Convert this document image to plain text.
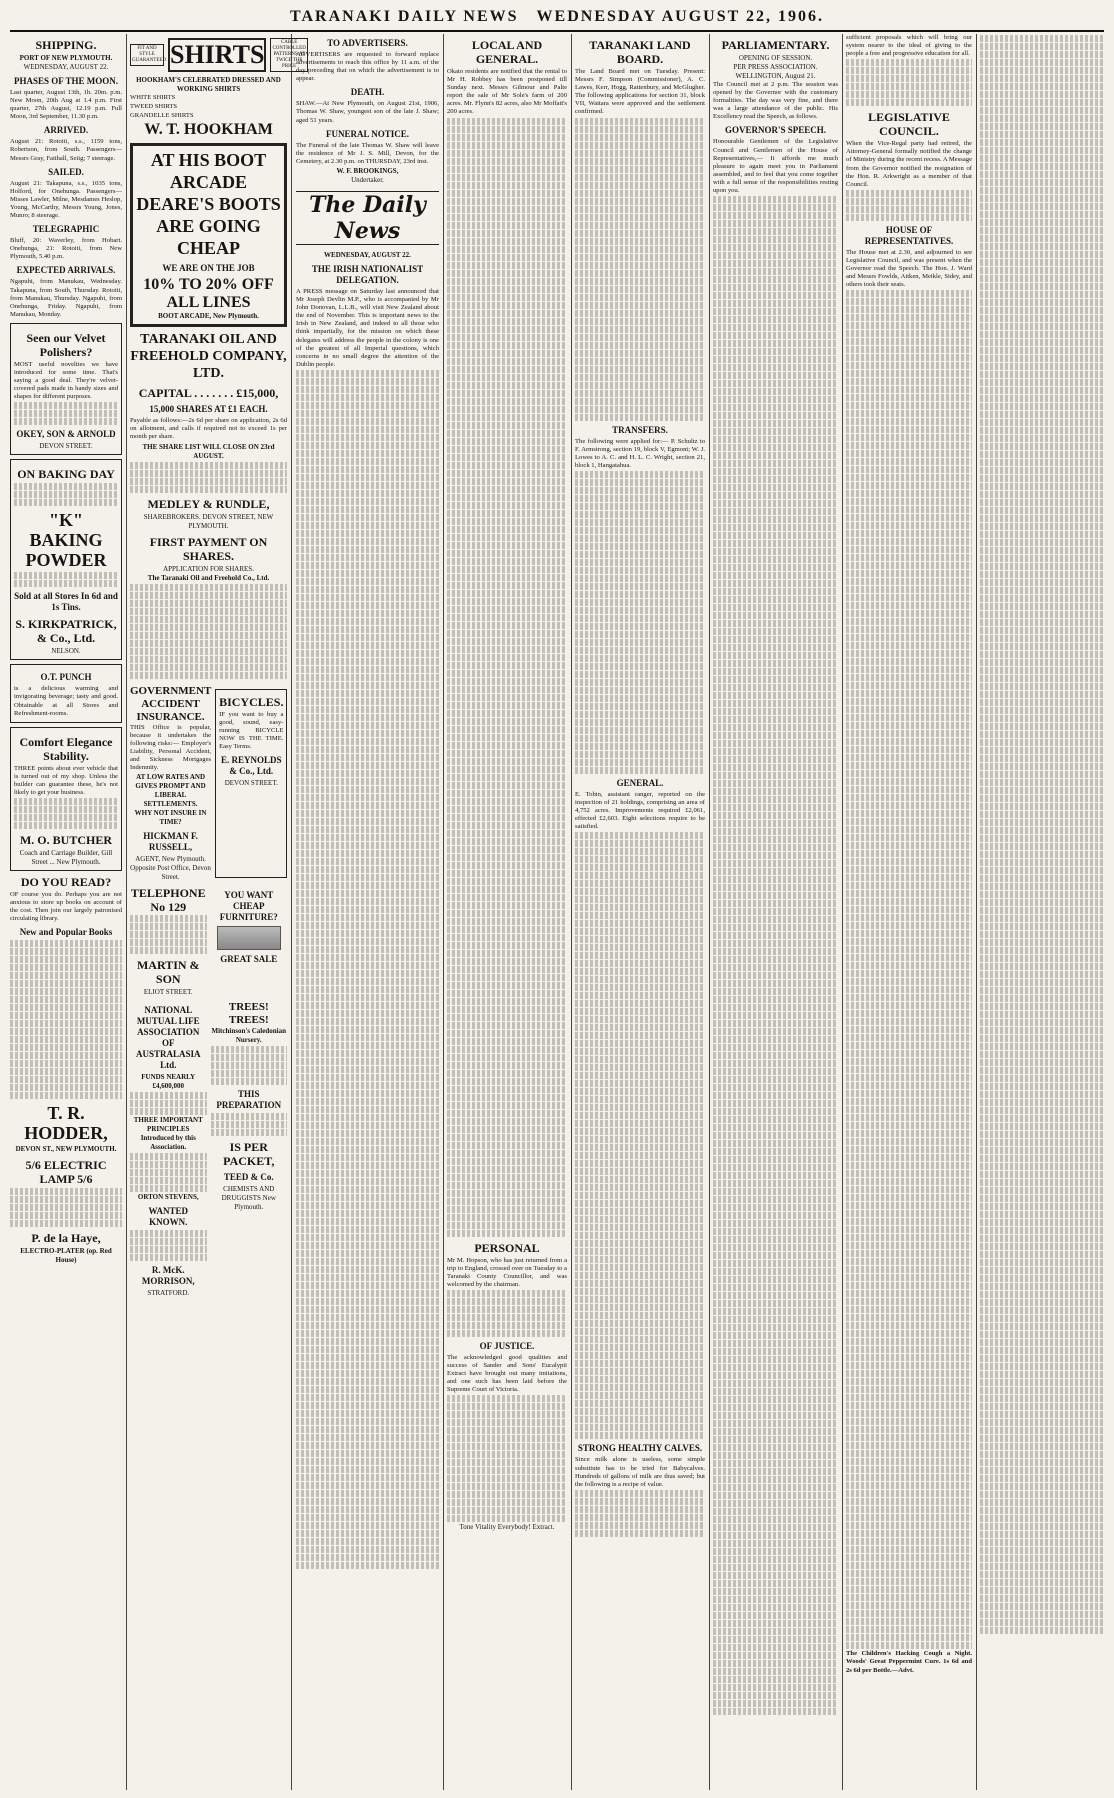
TARANAKI DAILY NEWS WEDNESDAY AUGUST 22, 1906.
SHIPPING.
PORT OF NEW PLYMOUTH.
WEDNESDAY, AUGUST 22.
PHASES OF THE MOON.
Last quarter, August 13th, 1h. 20m. p.m. New Moon, 20th Aug at 1.4 p.m. First quarter, 27th August, 12.19 p.m. Full Moon, 3rd September, 11.30 p.m.
ARRIVED.
August 21: Rotoiti, s.s., 1159 tons, Robertson, from South. Passengers—Messrs Gray, Faithall, Seiig; 7 steerage.
SAILED.
August 21: Takapuna, s.s., 1035 tons, Holford, for Onehunga. Passengers—Misses Lawler, Milne, Mesdames Heslop, Young, McCarthy, Messrs Young, Jones, Munro; 8 steerage.
TELEGRAPHIC
Bluff, 20: Waverley, from Hobart. Onehunga, 21: Rotoiti, from New Plymouth, 5.40 p.m.
EXPECTED ARRIVALS.
Ngapuhi, from Manukau, Wednesday. Takapuna, from South, Thursday. Rotoiti, from Manukau, Thursday. Ngapuhi, from Onehunga, Friday. Ngapuhi, from Manukau, Monday.
Seen our Velvet Polishers?
MOST useful novelties we have introduced for some time. That's saying a good deal. They're velvet-covered pads made in handy sizes and shapes for different purposes.
OKEY, SON & ARNOLD
DEVON STREET.
ON BAKING DAY
"K" BAKING POWDER
Sold at all Stores In 6d and 1s Tins.
S. KIRKPATRICK, & Co., Ltd.
NELSON.
O.T. PUNCH
is a delicious warming and invigorating beverage; tasty and good. Obtainable at all Stores and Refreshment-rooms.
Comfort Elegance Stability.
THREE points about ever vehicle that is turned out of my shop. Unless the builder can guarantee these, he's not likely to get your business.
M. O. BUTCHER
Coach and Carriage Builder, Gill Street ... New Plymouth.
DO YOU READ?
OF course you do. Perhaps you are not anxious to store up books on account of the cost. Then join our largely patronised circulating library.
New and Popular Books
T. R. HODDER,
DEVON ST., NEW PLYMOUTH.
5/6 ELECTRIC LAMP 5/6
P. de la Haye,
ELECTRO-PLATER (op. Red House)
FIT AND STYLE GUARANTEED SHIRTS	CABLE CONTROLLED PATTERNS AT TWICE THE PRICE
HOOKHAM'S CELEBRATED DRESSED AND WORKING SHIRTS
WHITE SHIRTS
TWEED SHIRTS
GRANDELLE SHIRTS
W. T. HOOKHAM
AT HIS BOOT ARCADE
DEARE'S BOOTS ARE GOING CHEAP
WE ARE ON THE JOB
10% TO 20% OFF ALL LINES
BOOT ARCADE, New Plymouth.
TARANAKI OIL AND FREEHOLD COMPANY, LTD.
CAPITAL . . . . . . . £15,000,
15,000 SHARES AT £1 EACH.
Payable as follows:—2s 6d per share on application, 2s 6d on allotment, and calls if required not to exceed 1s per month per share.
THE SHARE LIST WILL CLOSE ON 23rd AUGUST.
MEDLEY & RUNDLE,
SHAREBROKERS. DEVON STREET, NEW PLYMOUTH.
FIRST PAYMENT ON SHARES.
APPLICATION FOR SHARES.
The Taranaki Oil and Freehold Co., Ltd.
GOVERNMENT ACCIDENT INSURANCE.
THIS Office is popular, because it undertakes the following risks:— Employer's Liability, Personal Accident, and Sickness Mortgages Indemnity.
AT LOW RATES AND GIVES PROMPT AND LIBERAL SETTLEMENTS.
WHY NOT INSURE IN TIME?
HICKMAN F. RUSSELL,
AGENT, New Plymouth. Opposite Post Office, Devon Street.
BICYCLES.
IF you want to buy a good, sound, easy-running BICYCLE NOW IS THE TIME. Easy Terms.
E. REYNOLDS & Co., Ltd.
DEVON STREET.
TELEPHONE No 129
MARTIN & SON
ELIOT STREET.
YOU WANT CHEAP FURNITURE?
GREAT SALE
NATIONAL MUTUAL LIFE ASSOCIATION OF AUSTRALASIA Ltd.
FUNDS NEARLY £4,600,000
THREE IMPORTANT PRINCIPLES Introduced by this Association.
ORTON STEVENS,
WANTED KNOWN.
R. McK. MORRISON,
STRATFORD.
TREES! TREES!
Mitchinson's Caledonian Nursery.
THIS PREPARATION
IS PER PACKET,
TEED & Co.
CHEMISTS AND DRUGGISTS New Plymouth.
TO ADVERTISERS.
ADVERTISERS are requested to forward replace advertisements to reach this office by 11 a.m. of the day preceding that on which the advertisement is to appear.
DEATH.
SHAW.—At New Plymouth, on August 21st, 1906, Thomas W. Shaw, youngest son of the late J. Shaw; aged 51 years.
FUNERAL NOTICE.
The Funeral of the late Thomas W. Shaw will leave the residence of Mr J. S. Mill, Devon, for the Cemetery, at 2.30 p.m. on THURSDAY, 23rd inst.
W. F. BROOKINGS,
Undertaker.
The Daily News
WEDNESDAY, AUGUST 22.
THE IRISH NATIONALIST DELEGATION.
A PRESS message on Saturday last announced that Mr Joseph Devlin M.P., who is accompanied by Mr John Donovan, L.L.B., will visit New Zealand about the end of November. This is important news to the Irish in New Zealand, and indeed to all those who think impartially, for the mission on which these delegates will address the people in the colony is one of the greatest of all Imperial questions, which concerns in no small degree the attention of the Dublin people.
LOCAL AND GENERAL.
Okato residents are notified that the rental to Mr H. Robbey has been postponed till Sunday next. Messrs Gilmour and Palte report the sale of Mr Sole's farm of 200 acres. Mr. Flynn's 82 acres, also Mr Moffatt's 200 acres.
PERSONAL
Mr M. Hopson, who has just returned from a trip to England, crossed over on Tuesday to a Taranaki County Councillor, and was welcomed by the chairman.
OF JUSTICE.
The acknowledged good qualities and success of Sander and Sons' Eucalypti Extract have brought out many imitations, and one such has been laid before the Supreme Court of Victoria.
Tone Vitality Everybody! Extract.
TARANAKI LAND BOARD.
The Land Board met on Tuesday. Present: Messrs F. Simpson (Commissioner), A. C. Lawes, Kerr, Hogg, Rattenbury, and McGlugher. The following applications for section 31, block VII, Waitara were approved and the settlement confirmed.
TRANSFERS.
The following were applied for:— P. Schultz to F. Armstrong, section 19, block V, Egmont; W. J. Lowes to A. C. and H. L. C. Wright, section 21, block 1, Hangatahua.
GENERAL.
E. Tobin, assistant ranger, reported on the inspection of 21 holdings, comprising an area of 4,752 acres. Improvements required £2,061, effected £2,603. Eight selections require to be satisfied.
STRONG HEALTHY CALVES.
Since milk alone is useless, some simple substitute has to be tried for Babycalves. Hundreds of gallons of milk are thus saved; but the following is a recipe of value.
PARLIAMENTARY.
OPENING OF SESSION.
PER PRESS ASSOCIATION.
WELLINGTON, August 21.
The Council met at 2 p.m. The session was opened by the Governor with the customary formalities. The day was very fine, and there was a large attendance of the public. His Excellency read the Speech, as follows.
GOVERNOR'S SPEECH.
Honourable Gentlemen of the Legislative Council and Gentlemen of the House of Representatives,— It affords me much pleasure to again meet you in Parliament assembled, and to feel that you come together with a full sense of the responsibilities resting upon you.
sufficient proposals which will bring our system nearer to the ideal of giving to the people a free and progressive education for all.
LEGISLATIVE COUNCIL.
When the Vice-Regal party had retired, the Attorney-General formally notified the change of Ministry during the recent recess. A Message from the Governor notified the resignation of the Hon. R. Arkwright as a member of that Council.
HOUSE OF REPRESENTATIVES.
The House met at 2.30, and adjourned to see Legislative Council, and was present when the Governor read the Speech. The Hon. J. Ward and Messrs Fowlds, Aitken, Meikle, Sidey, and others took their seats.
The Children's Hacking Cough a Night. Woods' Great Peppermint Cure. 1s 6d and 2s 6d per Bottle.—Advt.
